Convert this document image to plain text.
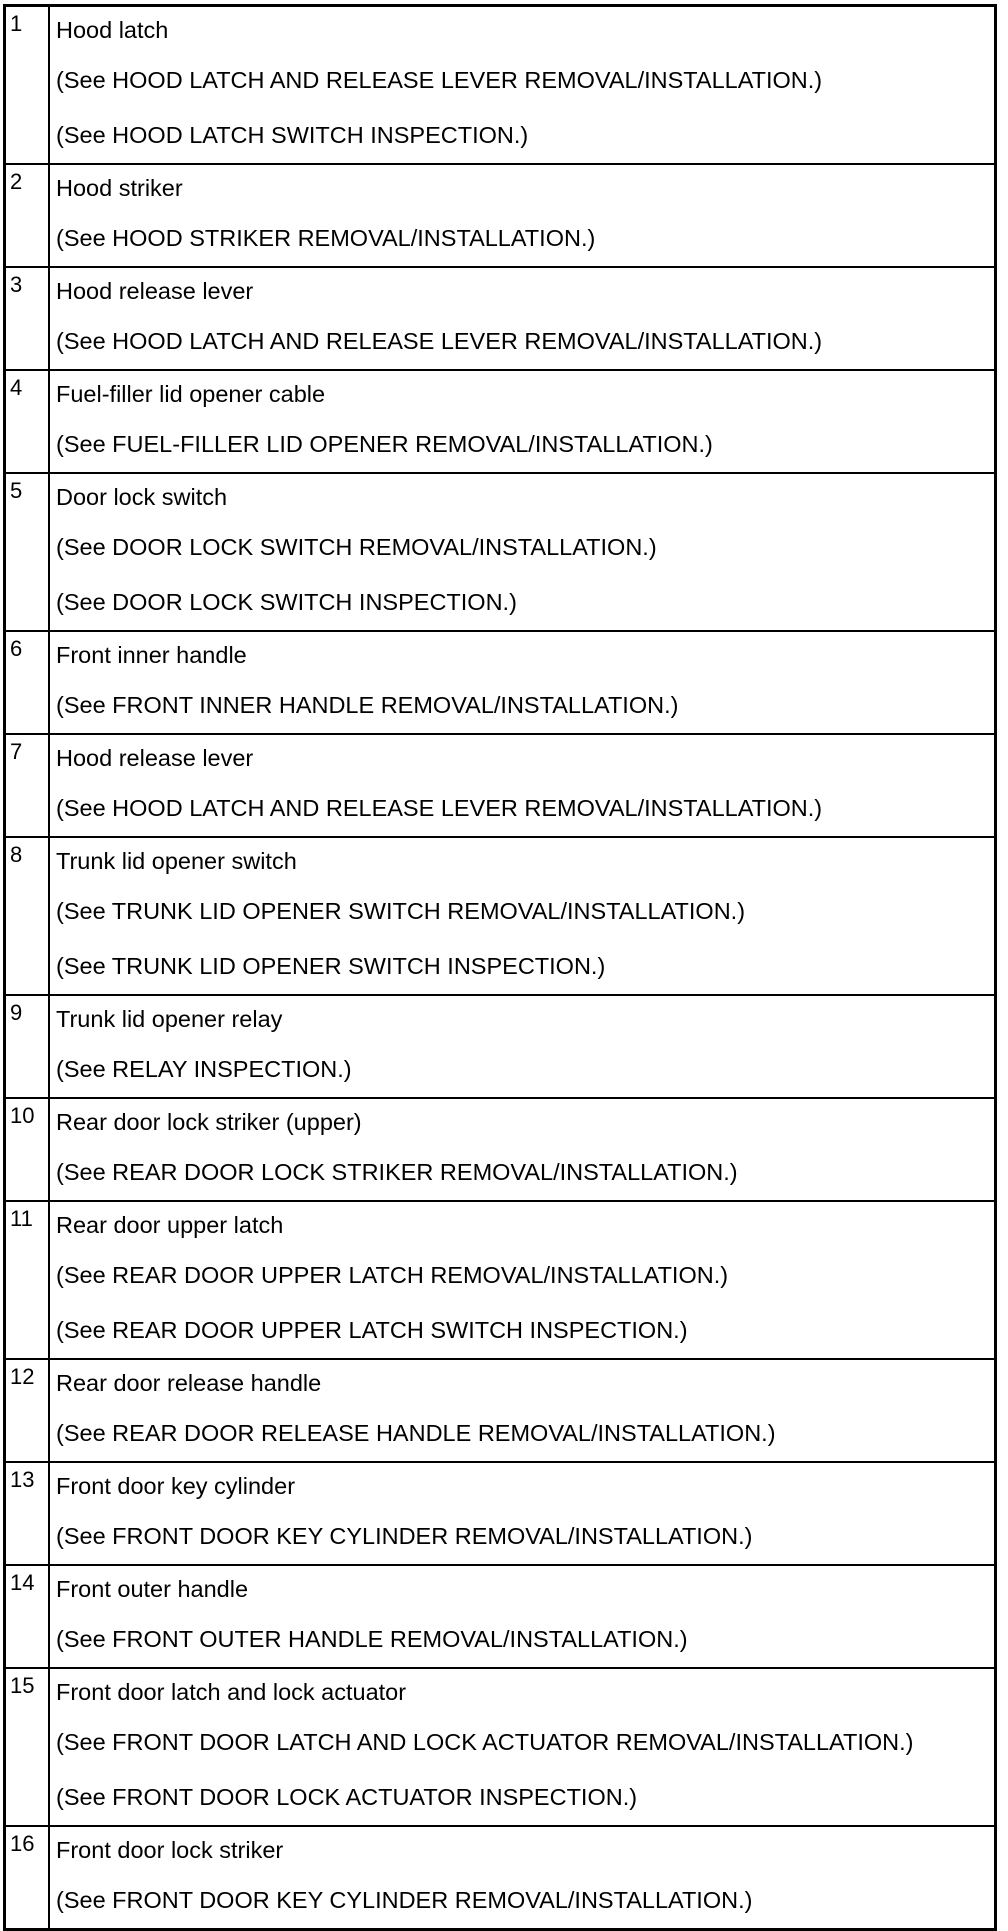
1	Hood latch
(See HOOD LATCH AND RELEASE LEVER REMOVAL/INSTALLATION.)
(See HOOD LATCH SWITCH INSPECTION.)

2	Hood striker
(See HOOD STRIKER REMOVAL/INSTALLATION.)

3	Hood release lever
(See HOOD LATCH AND RELEASE LEVER REMOVAL/INSTALLATION.)

4	Fuel-filler lid opener cable
(See FUEL-FILLER LID OPENER REMOVAL/INSTALLATION.)

5	Door lock switch
(See DOOR LOCK SWITCH REMOVAL/INSTALLATION.)
(See DOOR LOCK SWITCH INSPECTION.)

6	Front inner handle
(See FRONT INNER HANDLE REMOVAL/INSTALLATION.)

7	Hood release lever
(See HOOD LATCH AND RELEASE LEVER REMOVAL/INSTALLATION.)

8	Trunk lid opener switch
(See TRUNK LID OPENER SWITCH REMOVAL/INSTALLATION.)
(See TRUNK LID OPENER SWITCH INSPECTION.)

9	Trunk lid opener relay
(See RELAY INSPECTION.)

10	Rear door lock striker (upper)
(See REAR DOOR LOCK STRIKER REMOVAL/INSTALLATION.)

11	Rear door upper latch
(See REAR DOOR UPPER LATCH REMOVAL/INSTALLATION.)
(See REAR DOOR UPPER LATCH SWITCH INSPECTION.)

12	Rear door release handle
(See REAR DOOR RELEASE HANDLE REMOVAL/INSTALLATION.)

13	Front door key cylinder
(See FRONT DOOR KEY CYLINDER REMOVAL/INSTALLATION.)

14	Front outer handle
(See FRONT OUTER HANDLE REMOVAL/INSTALLATION.)

15	Front door latch and lock actuator
(See FRONT DOOR LATCH AND LOCK ACTUATOR REMOVAL/INSTALLATION.)
(See FRONT DOOR LOCK ACTUATOR INSPECTION.)

16	Front door lock striker
(See FRONT DOOR KEY CYLINDER REMOVAL/INSTALLATION.)
